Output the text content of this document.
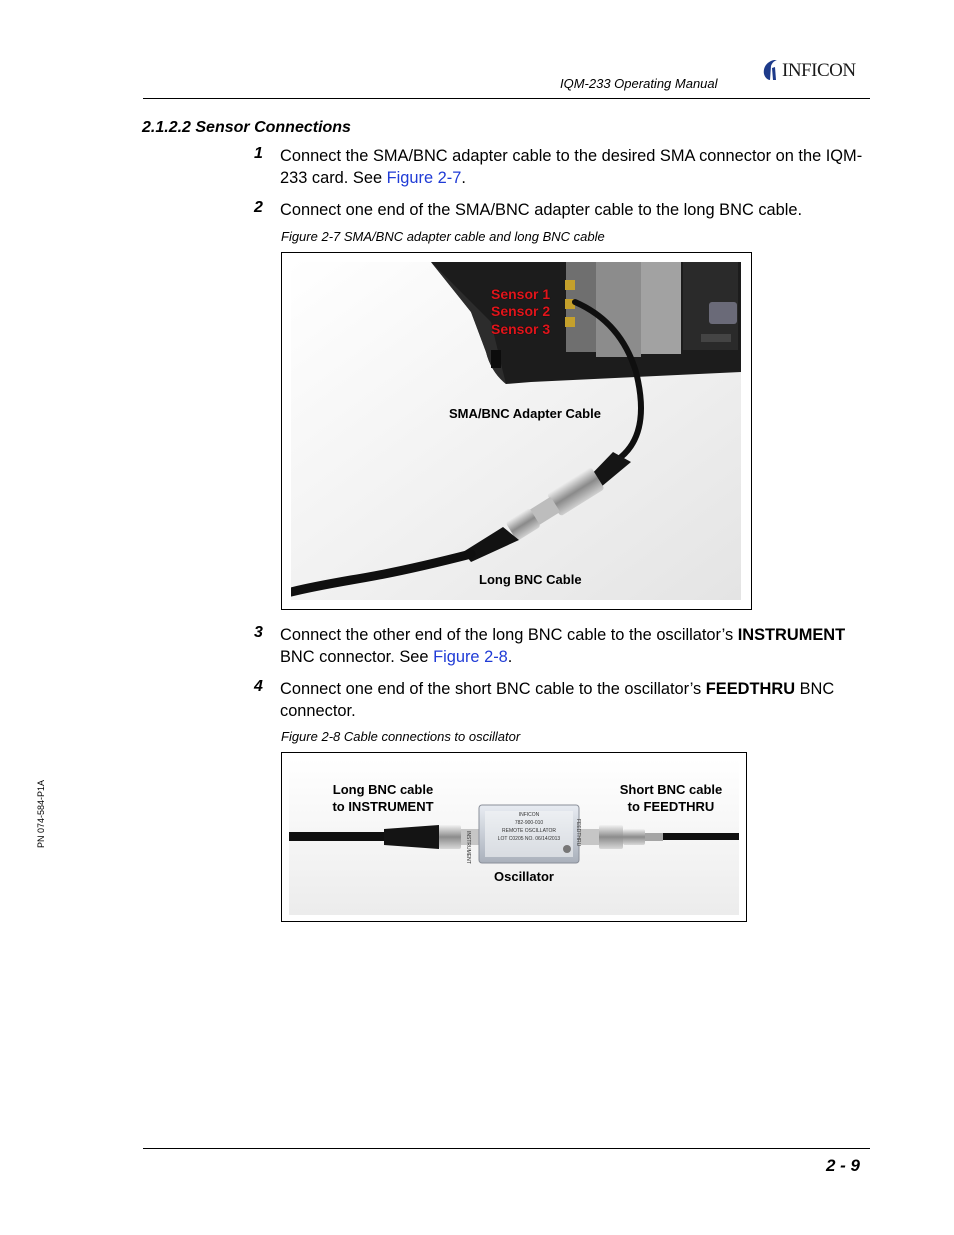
IQM-233 Operating Manual
INFICON
2.1.2.2 Sensor Connections
1 Connect the SMA/BNC adapter cable to the desired SMA connector on the IQM-233 card. See Figure 2-7.
2 Connect one end of the SMA/BNC adapter cable to the long BNC cable.
Figure 2-7 SMA/BNC adapter cable and long BNC cable
Sensor 1
Sensor 2
Sensor 3
SMA/BNC Adapter Cable
Long BNC Cable
3 Connect the other end of the long BNC cable to the oscillator’s INSTRUMENT BNC connector. See Figure 2-8.
4 Connect one end of the short BNC cable to the oscillator’s FEEDTHRU BNC connector.
Figure 2-8 Cable connections to oscillator
INFICON
782-900-010
REMOTE OSCILLATOR
LOT C0205 NO. 06/14/2013
INSTRUMENT	FEEDTHRU
Long BNC cable
to INSTRUMENT
Short BNC cable
to FEEDTHRU
Oscillator
PN 074-584-P1A
2 - 9
